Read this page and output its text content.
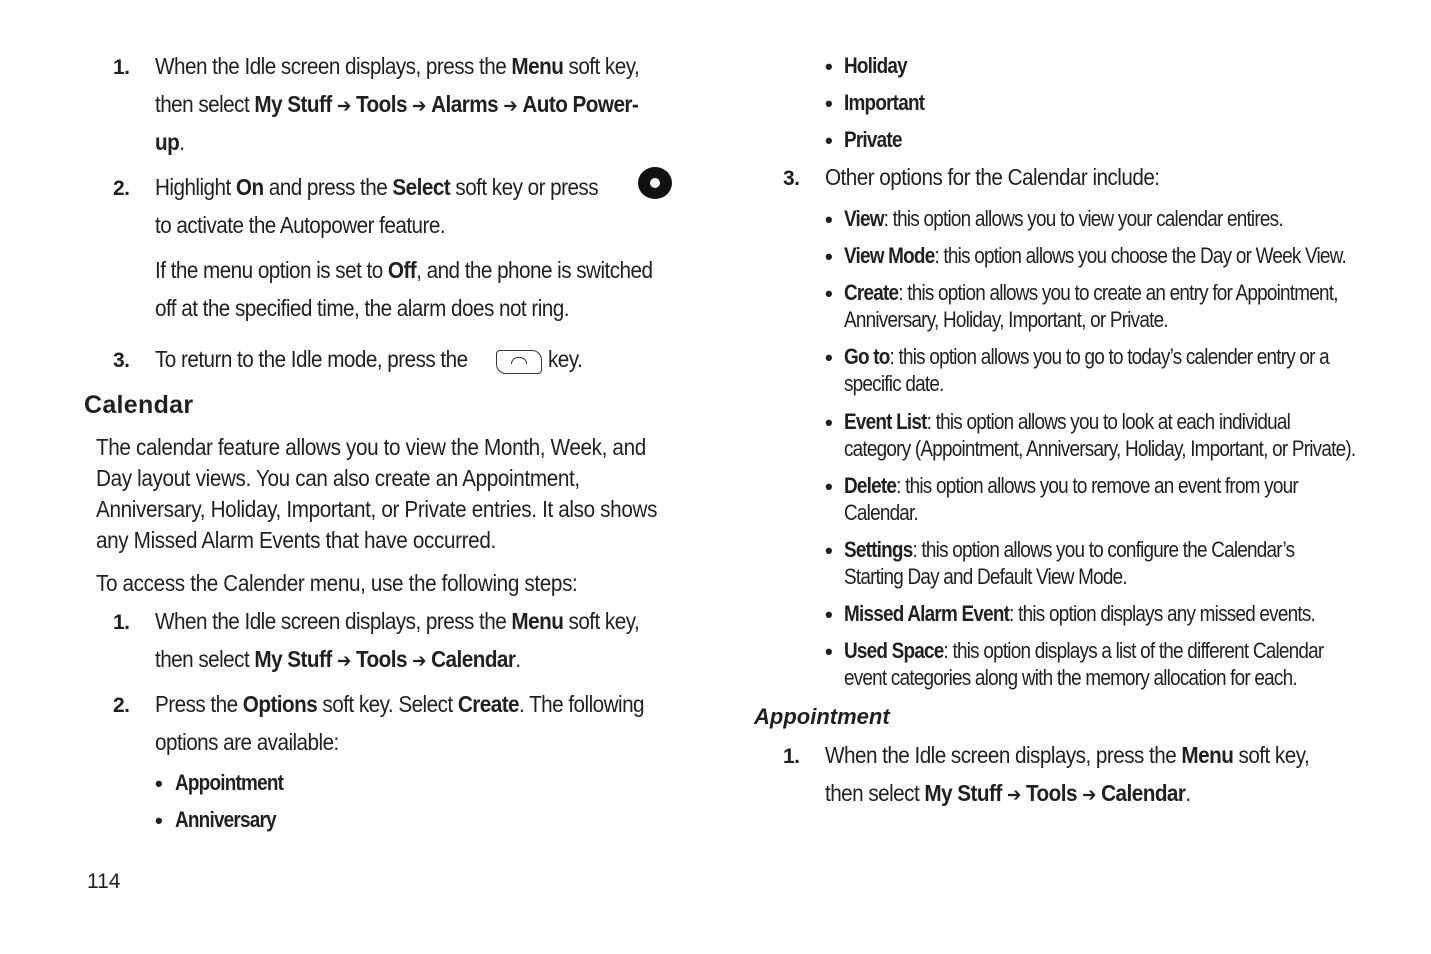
1. When the Idle screen displays, press the Menu soft key,
then select My Stuff ➔ Tools ➔ Alarms ➔ Auto Power-
up.
2. Highlight On and press the Select soft key or press
to activate the Autopower feature.
If the menu option is set to Off, and the phone is switched
off at the specified time, the alarm does not ring.
3. To return to the Idle mode, press the	key.
Calendar
The calendar feature allows you to view the Month, Week, and
Day layout views. You can also create an Appointment,
Anniversary, Holiday, Important, or Private entries. It also shows
any Missed Alarm Events that have occurred.
To access the Calender menu, use the following steps:
1. When the Idle screen displays, press the Menu soft key,
then select My Stuff ➔ Tools ➔ Calendar.
2. Press the Options soft key. Select Create. The following
options are available:
• Appointment
• Anniversary
114
• Holiday
• Important
• Private
3. Other options for the Calendar include:
• View: this option allows you to view your calendar entires.
• View Mode: this option allows you choose the Day or Week View.
• Create: this option allows you to create an entry for Appointment,
Anniversary, Holiday, Important, or Private.
• Go to: this option allows you to go to today’s calender entry or a
specific date.
• Event List: this option allows you to look at each individual
category (Appointment, Anniversary, Holiday, Important, or Private).
• Delete: this option allows you to remove an event from your
Calendar.
• Settings: this option allows you to configure the Calendar’s
Starting Day and Default View Mode.
• Missed Alarm Event: this option displays any missed events.
• Used Space: this option displays a list of the different Calendar
event categories along with the memory allocation for each.
Appointment
1. When the Idle screen displays, press the Menu soft key,
then select My Stuff ➔ Tools ➔ Calendar.
